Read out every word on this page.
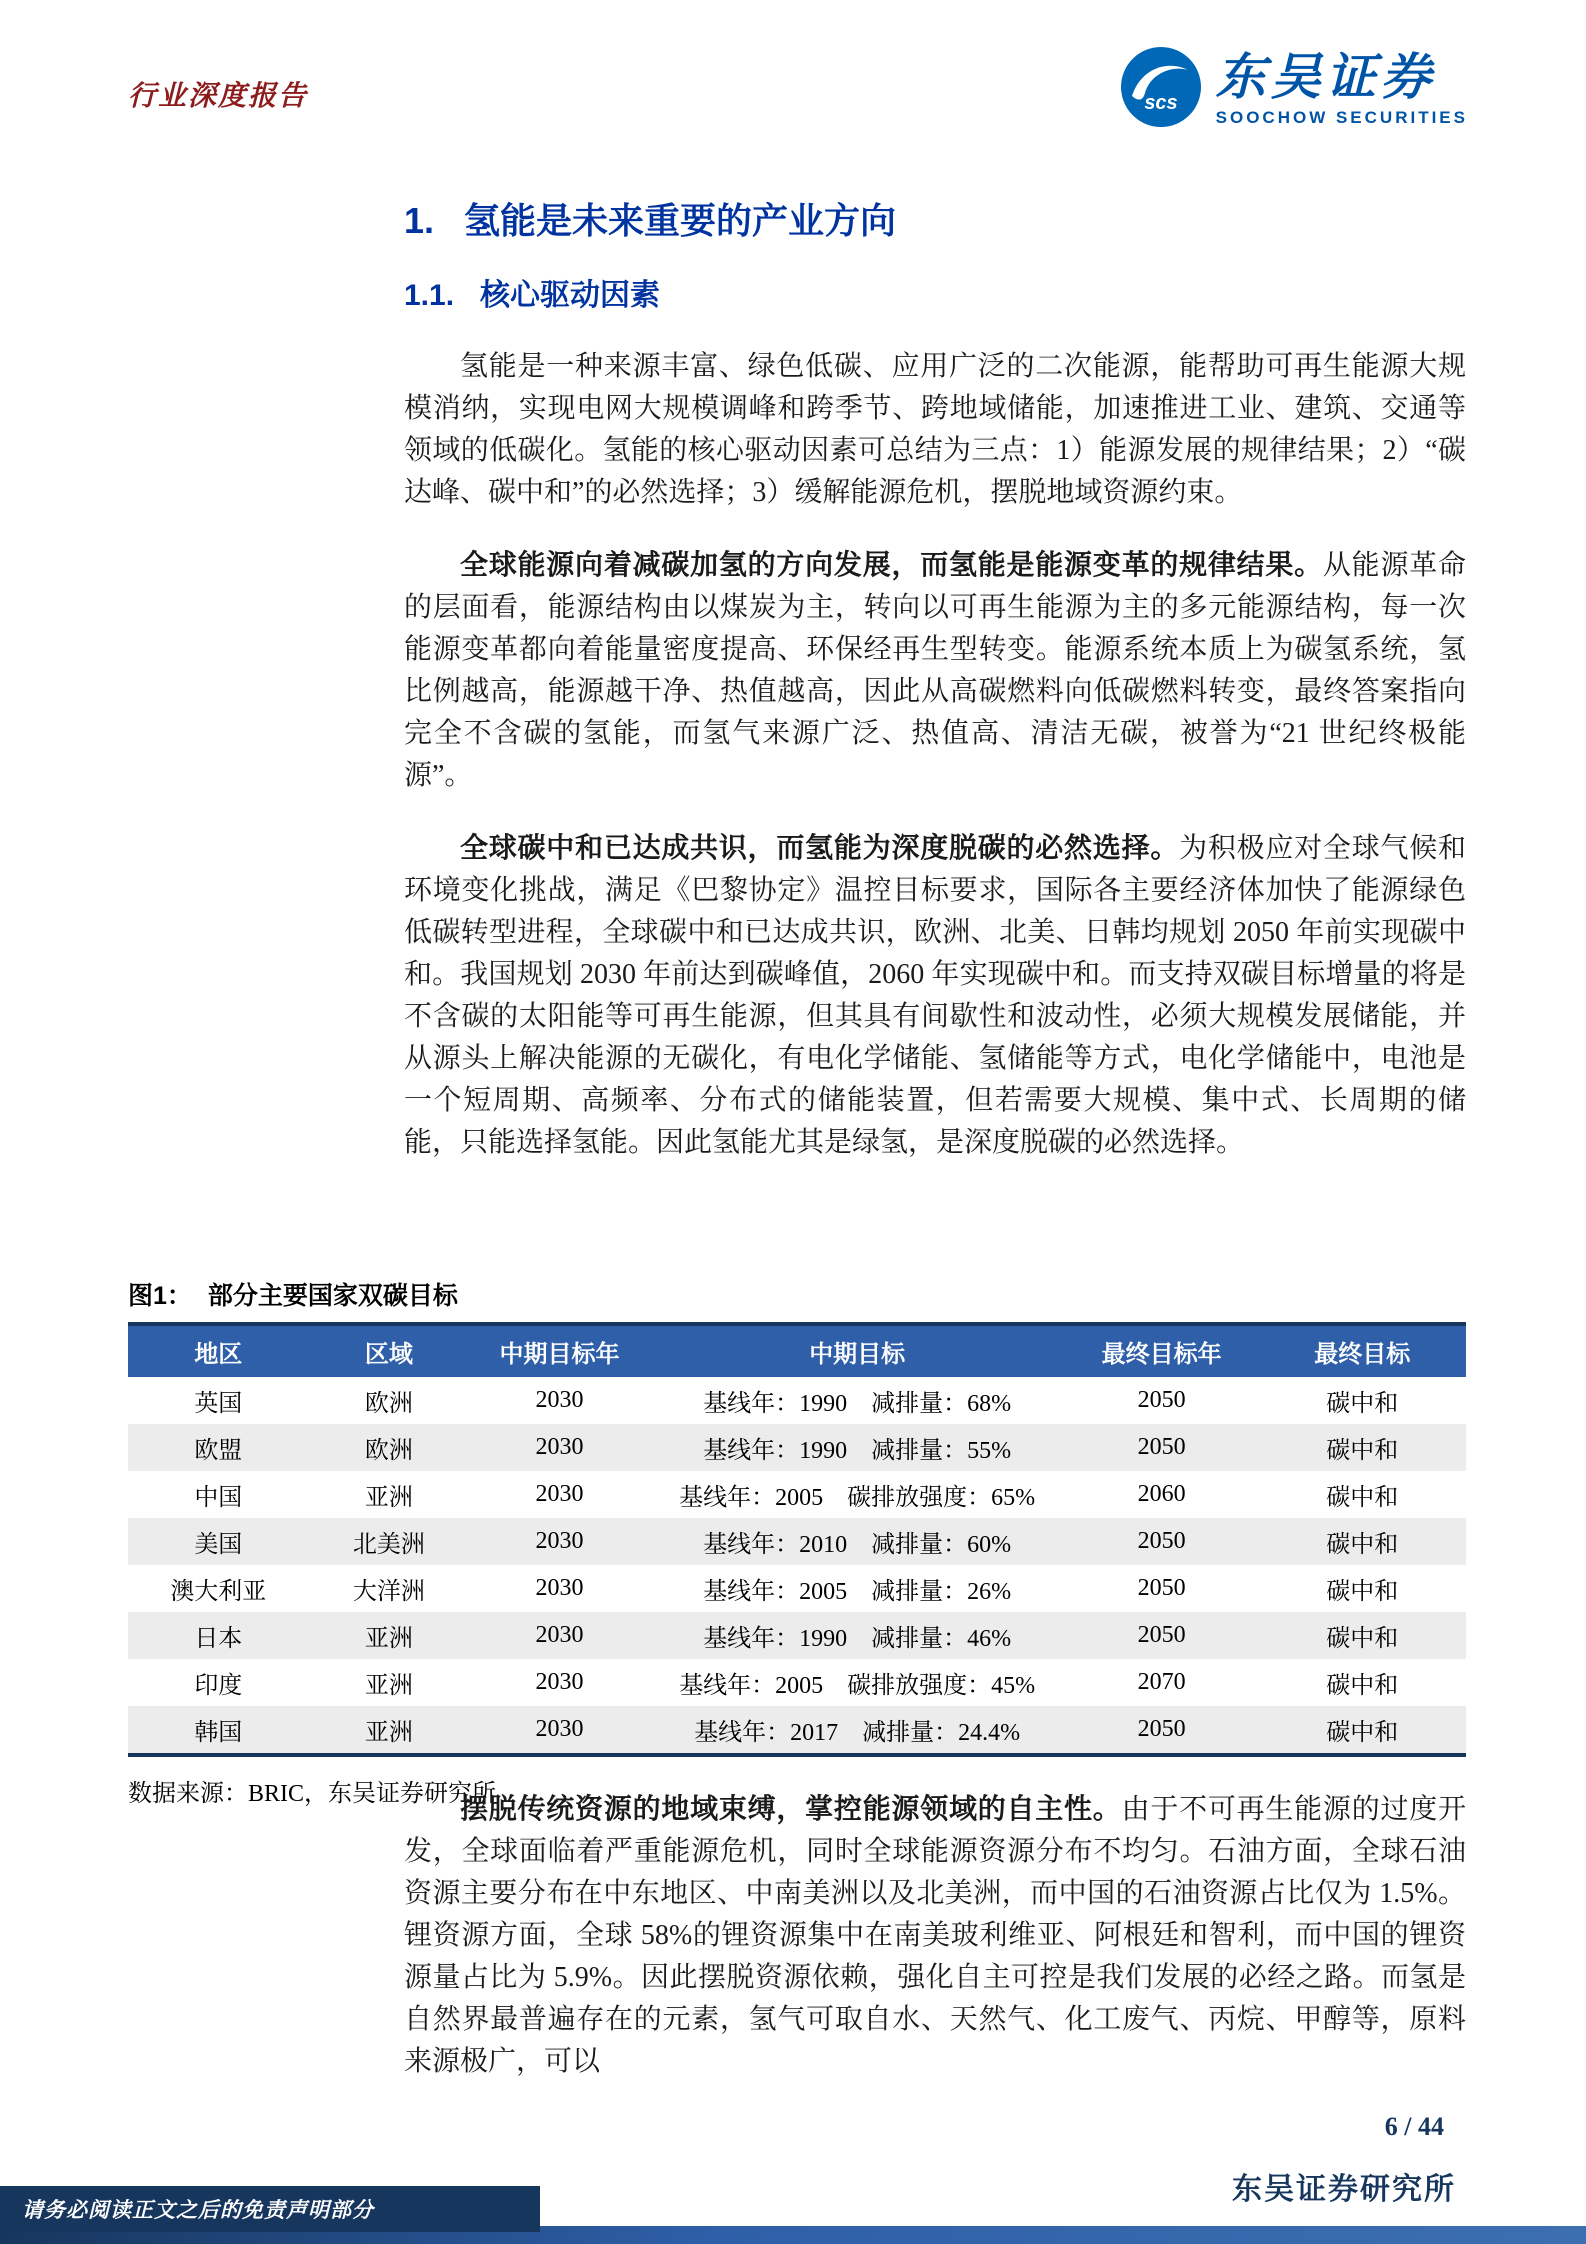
行业深度报告	scs 东吴证券
SOOCHOW SECURITIES
1. 氢能是未来重要的产业方向
1.1. 核心驱动因素

氢能是一种来源丰富、绿色低碳、应用广泛的二次能源，能帮助可再生能源大规模消纳，实现电网大规模调峰和跨季节、跨地域储能，加速推进工业、建筑、交通等领域的低碳化。氢能的核心驱动因素可总结为三点：1）能源发展的规律结果；2）“碳达峰、碳中和”的必然选择；3）缓解能源危机，摆脱地域资源约束。

全球能源向着减碳加氢的方向发展，而氢能是能源变革的规律结果。从能源革命的层面看，能源结构由以煤炭为主，转向以可再生能源为主的多元能源结构，每一次能源变革都向着能量密度提高、环保经再生型转变。能源系统本质上为碳氢系统，氢比例越高，能源越干净、热值越高，因此从高碳燃料向低碳燃料转变，最终答案指向完全不含碳的氢能，而氢气来源广泛、热值高、清洁无碳，被誉为“21 世纪终极能源”。

全球碳中和已达成共识，而氢能为深度脱碳的必然选择。为积极应对全球气候和环境变化挑战，满足《巴黎协定》温控目标要求，国际各主要经济体加快了能源绿色低碳转型进程，全球碳中和已达成共识，欧洲、北美、日韩均规划 2050 年前实现碳中和。我国规划 2030 年前达到碳峰值，2060 年实现碳中和。而支持双碳目标增量的将是不含碳的太阳能等可再生能源，但其具有间歇性和波动性，必须大规模发展储能，并从源头上解决能源的无碳化，有电化学储能、氢储能等方式，电化学储能中，电池是一个短周期、高频率、分布式的储能装置，但若需要大规模、集中式、长周期的储能，只能选择氢能。因此氢能尤其是绿氢，是深度脱碳的必然选择。

图1： 部分主要国家双碳目标
地区	区域	中期目标年	中期目标	最终目标年	最终目标
英国	欧洲	2030	基线年：1990　减排量：68%	2050	碳中和
欧盟	欧洲	2030	基线年：1990　减排量：55%	2050	碳中和
中国	亚洲	2030	基线年：2005　碳排放强度：65%	2060	碳中和
美国	北美洲	2030	基线年：2010　减排量：60%	2050	碳中和
澳大利亚	大洋洲	2030	基线年：2005　减排量：26%	2050	碳中和
日本	亚洲	2030	基线年：1990　减排量：46%	2050	碳中和
印度	亚洲	2030	基线年：2005　碳排放强度：45%	2070	碳中和
韩国	亚洲	2030	基线年：2017　减排量：24.4%	2050	碳中和
数据来源：BRIC，东吴证券研究所

摆脱传统资源的地域束缚，掌控能源领域的自主性。由于不可再生能源的过度开发，全球面临着严重能源危机，同时全球能源资源分布不均匀。石油方面，全球石油资源主要分布在中东地区、中南美洲以及北美洲，而中国的石油资源占比仅为 1.5%。锂资源方面，全球 58%的锂资源集中在南美玻利维亚、阿根廷和智利，而中国的锂资源量占比为 5.9%。因此摆脱资源依赖，强化自主可控是我们发展的必经之路。而氢是自然界最普遍存在的元素，氢气可取自水、天然气、化工废气、丙烷、甲醇等，原料来源极广，可以

6 / 44
东吴证券研究所
请务必阅读正文之后的免责声明部分
